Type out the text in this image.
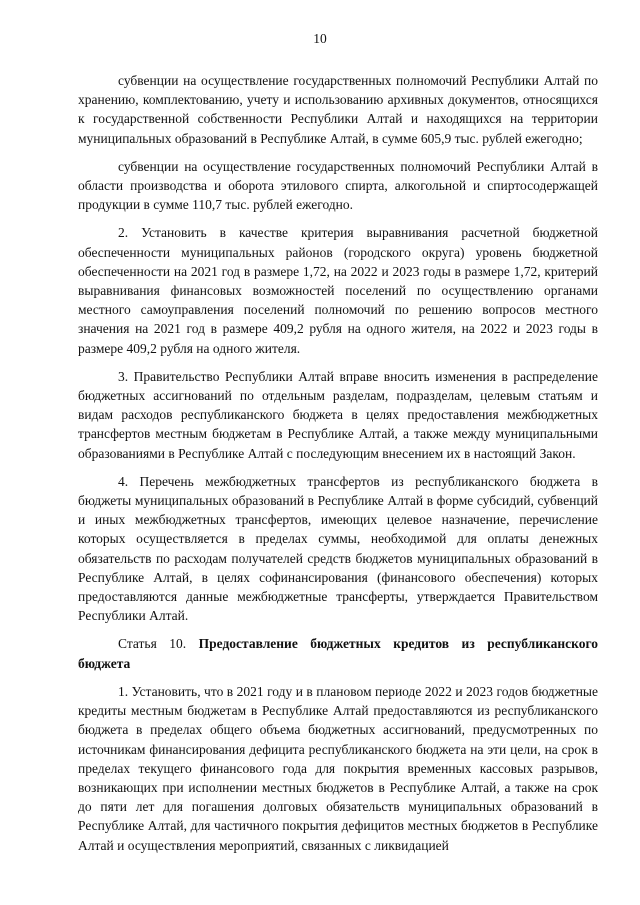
10

субвенции на осуществление государственных полномочий Республики Алтай по хранению, комплектованию, учету и использованию архивных документов, относящихся к государственной собственности Республики Алтай и находящихся на территории муниципальных образований в Республике Алтай, в сумме 605,9 тыс. рублей ежегодно;

субвенции на осуществление государственных полномочий Республики Алтай в области производства и оборота этилового спирта, алкогольной и спиртосодержащей продукции в сумме 110,7 тыс. рублей ежегодно.

2. Установить в качестве критерия выравнивания расчетной бюджетной обеспеченности муниципальных районов (городского округа) уровень бюджетной обеспеченности на 2021 год в размере 1,72, на 2022 и 2023 годы в размере 1,72, критерий выравнивания финансовых возможностей поселений по осуществлению органами местного самоуправления поселений полномочий по решению вопросов местного значения на 2021 год в размере 409,2 рубля на одного жителя, на 2022 и 2023 годы в размере 409,2 рубля на одного жителя.

3. Правительство Республики Алтай вправе вносить изменения в распределение бюджетных ассигнований по отдельным разделам, подразделам, целевым статьям и видам расходов республиканского бюджета в целях предоставления межбюджетных трансфертов местным бюджетам в Республике Алтай, а также между муниципальными образованиями в Республике Алтай с последующим внесением их в настоящий Закон.

4. Перечень межбюджетных трансфертов из республиканского бюджета в бюджеты муниципальных образований в Республике Алтай в форме субсидий, субвенций и иных межбюджетных трансфертов, имеющих целевое назначение, перечисление которых осуществляется в пределах суммы, необходимой для оплаты денежных обязательств по расходам получателей средств бюджетов муниципальных образований в Республике Алтай, в целях софинансирования (финансового обеспечения) которых предоставляются данные межбюджетные трансферты, утверждается Правительством Республики Алтай.

Статья 10. Предоставление бюджетных кредитов из республиканского бюджета

1. Установить, что в 2021 году и в плановом периоде 2022 и 2023 годов бюджетные кредиты местным бюджетам в Республике Алтай предоставляются из республиканского бюджета в пределах общего объема бюджетных ассигнований, предусмотренных по источникам финансирования дефицита республиканского бюджета на эти цели, на срок в пределах текущего финансового года для покрытия временных кассовых разрывов, возникающих при исполнении местных бюджетов в Республике Алтай, а также на срок до пяти лет для погашения долговых обязательств муниципальных образований в Республике Алтай, для частичного покрытия дефицитов местных бюджетов в Республике Алтай и осуществления мероприятий, связанных с ликвидацией
